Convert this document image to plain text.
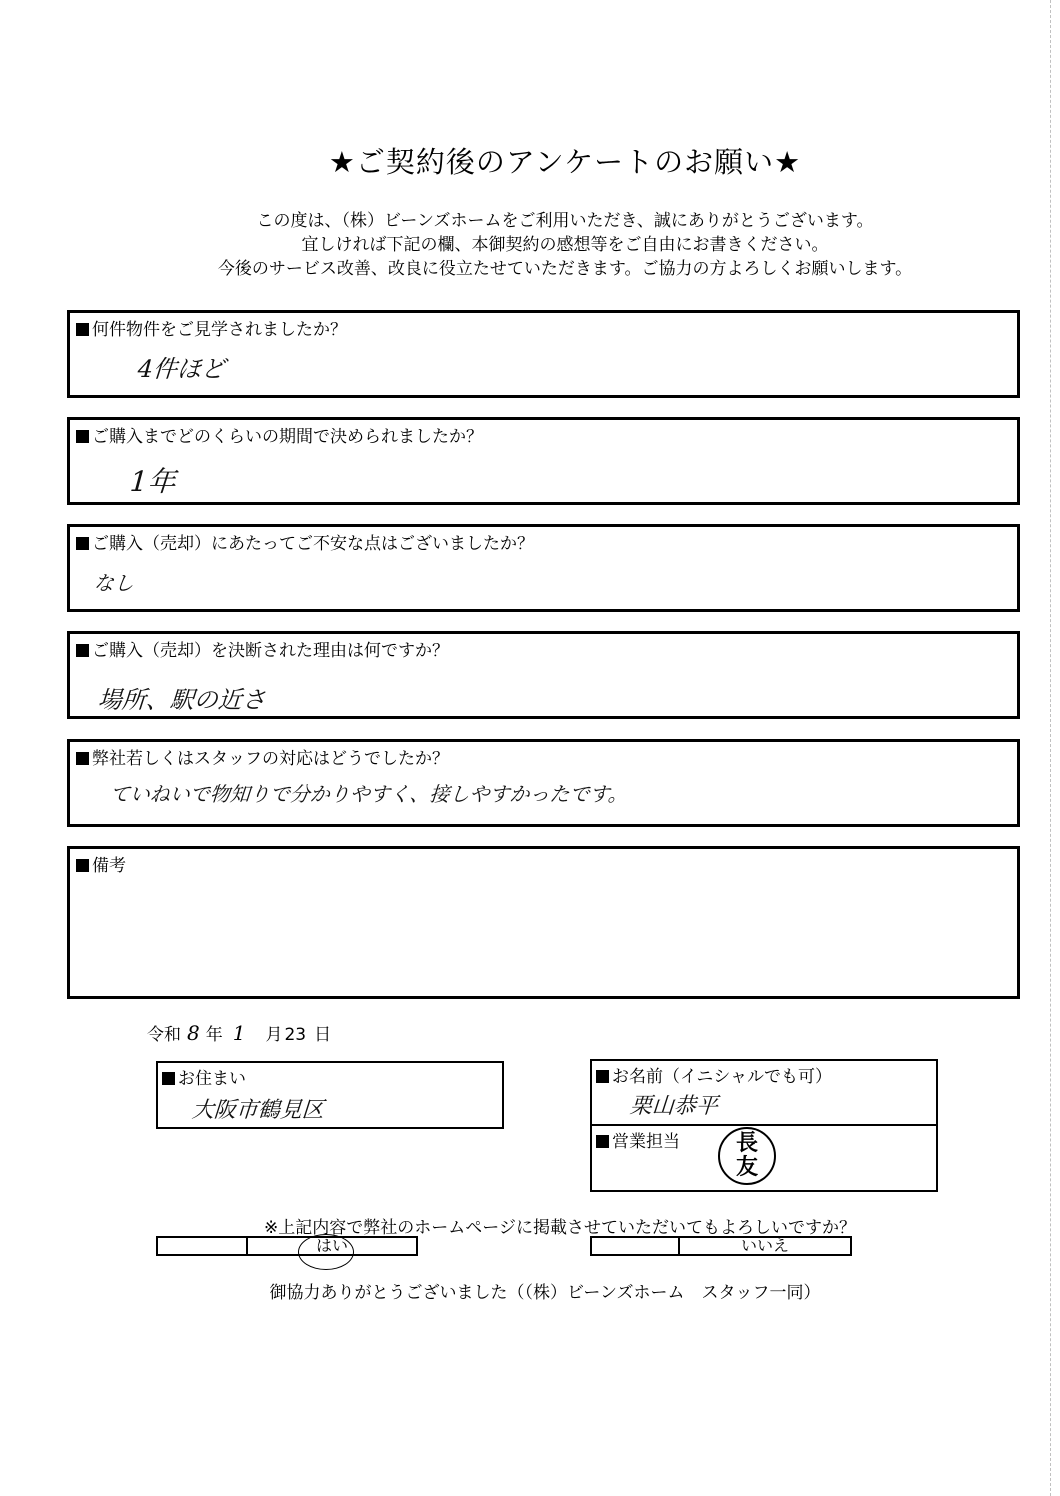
★ご契約後のアンケートのお願い★
この度は、（株）ビーンズホームをご利用いただき、誠にありがとうございます。
宜しければ下記の欄、本御契約の感想等をご自由にお書きください。
今後のサービス改善、改良に役立たせていただきます。ご協力の方よろしくお願いします。
何件物件をご見学されましたか？
4件ほど
ご購入までどのくらいの期間で決められましたか？
1年
ご購入（売却）にあたってご不安な点はございましたか？
なし
ご購入（売却）を決断された理由は何ですか？
場所、駅の近さ
弊社若しくはスタッフの対応はどうでしたか？
ていねいで物知りで分かりやすく、接しやすかったです。
備考
令和 8 年 1 月 23 日
お住まい
大阪市鶴見区
お名前（イニシャルでも可）
栗山恭平
営業担当	長
友
※上記内容で弊社のホームページに掲載させていただいてもよろしいですか？
はい	いいえ
御協力ありがとうございました（（株）ビーンズホーム　スタッフ一同）
